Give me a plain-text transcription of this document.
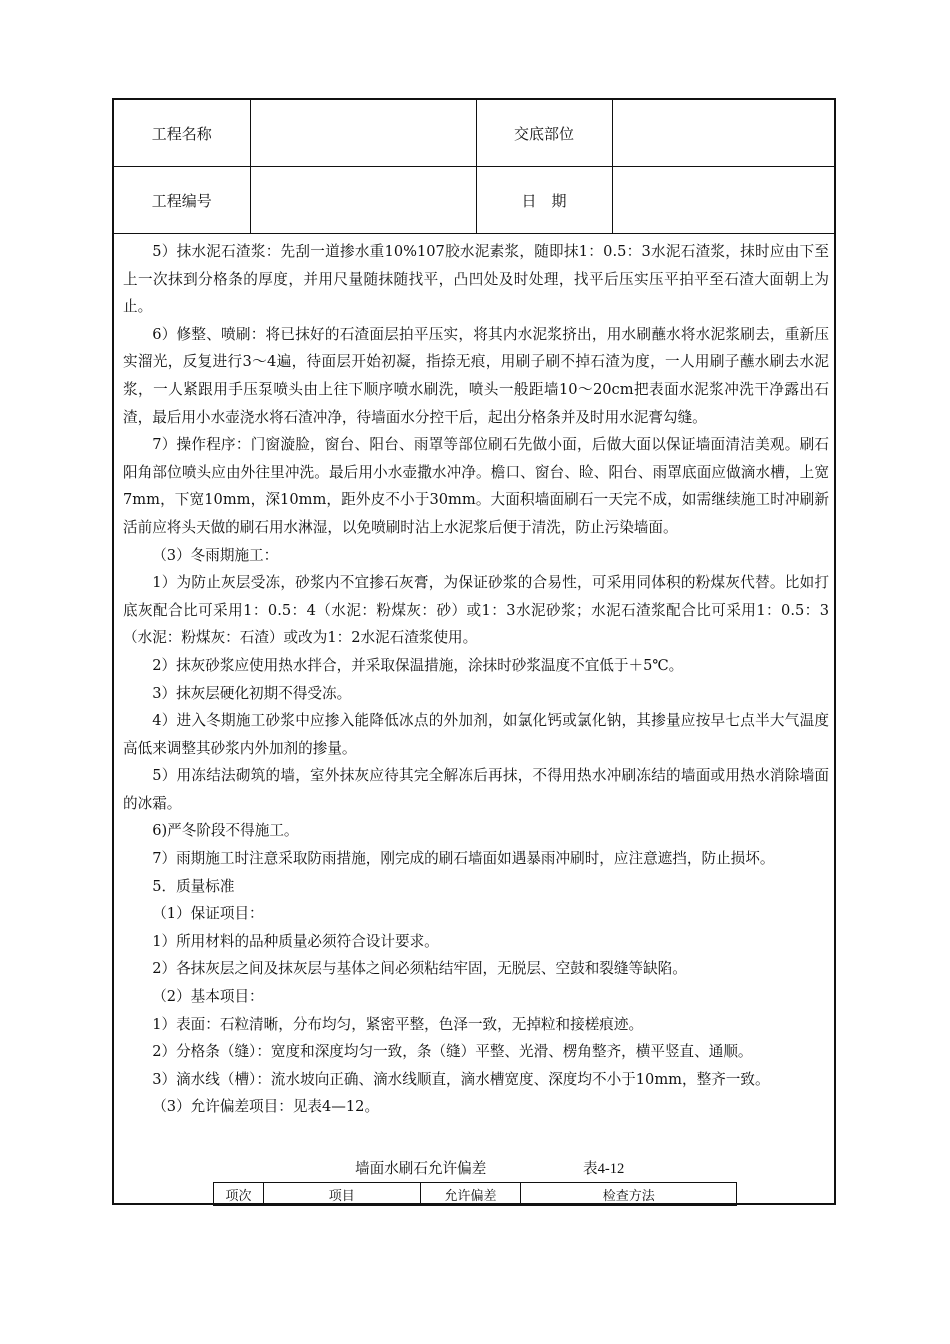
工程名称		交底部位	
工程编号		日　期	

5）抹水泥石渣浆：先刮一道掺水重10%107胶水泥素浆，随即抹1：0.5：3水泥石渣浆，抹时应由下至上一次抹到分格条的厚度，并用尺量随抹随找平，凸凹处及时处理，找平后压实压平拍平至石渣大面朝上为止。

6）修整、喷刷：将已抹好的石渣面层拍平压实，将其内水泥浆挤出，用水刷蘸水将水泥浆刷去，重新压实溜光，反复进行3～4遍，待面层开始初凝，指捺无痕，用刷子刷不掉石渣为度，一人用刷子蘸水刷去水泥浆，一人紧跟用手压泵喷头由上往下顺序喷水刷洗，喷头一般距墙10～20cm把表面水泥浆冲洗干净露出石渣，最后用小水壶浇水将石渣冲净，待墙面水分控干后，起出分格条并及时用水泥膏勾缝。

7）操作程序：门窗漩脸，窗台、阳台、雨罩等部位刷石先做小面，后做大面以保证墙面清洁美观。刷石阳角部位喷头应由外往里冲洗。最后用小水壶撒水冲净。檐口、窗台、睑、阳台、雨罩底面应做滴水槽，上宽7mm，下宽10mm，深10mm，距外皮不小于30mm。大面积墙面刷石一天完不成，如需继续施工时冲刷新活前应将头天做的刷石用水淋湿，以免喷刷时沾上水泥浆后便于清洗，防止污染墙面。

（3）冬雨期施工：

1）为防止灰层受冻，砂浆内不宜掺石灰膏，为保证砂浆的合易性，可采用同体积的粉煤灰代替。比如打底灰配合比可采用1：0.5：4（水泥：粉煤灰：砂）或1：3水泥砂浆；水泥石渣浆配合比可采用1：0.5：3（水泥：粉煤灰：石渣）或改为1：2水泥石渣浆使用。

2）抹灰砂浆应使用热水拌合，并采取保温措施，涂抹时砂浆温度不宜低于＋5℃。

3）抹灰层硬化初期不得受冻。

4）进入冬期施工砂浆中应掺入能降低冰点的外加剂，如氯化钙或氯化钠，其掺量应按早七点半大气温度高低来调整其砂浆内外加剂的掺量。

5）用冻结法砌筑的墙，室外抹灰应待其完全解冻后再抹，不得用热水冲刷冻结的墙面或用热水消除墙面的冰霜。

6)严冬阶段不得施工。

7）雨期施工时注意采取防雨措施，刚完成的刷石墙面如遇暴雨冲刷时，应注意遮挡，防止损坏。

5．质量标准

（1）保证项目：

1）所用材料的品种质量必须符合设计要求。

2）各抹灰层之间及抹灰层与基体之间必须粘结牢固，无脱层、空鼓和裂缝等缺陷。

（2）基本项目：

1）表面：石粒清晰，分布均匀，紧密平整，色泽一致，无掉粒和接槎痕迹。

2）分格条（缝）：宽度和深度均匀一致，条（缝）平整、光滑、楞角整齐，横平竖直、通顺。

3）滴水线（槽）：流水坡向正确、滴水线顺直，滴水槽宽度、深度均不小于10mm，整齐一致。

（3）允许偏差项目：见表4—12。

墙面水刷石允许偏差	表4-12
项次	项目	允许偏差	检查方法
